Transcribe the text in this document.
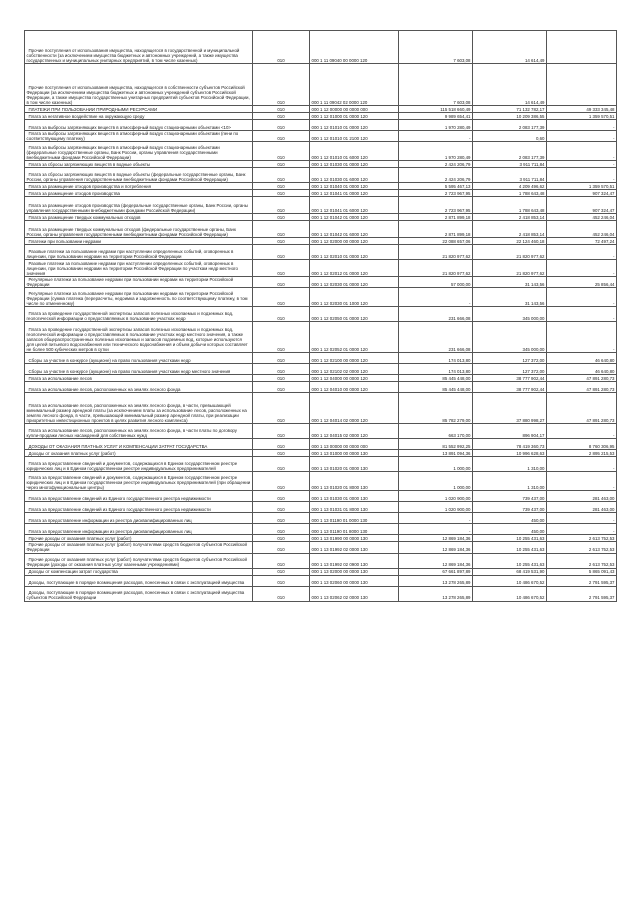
Прочие поступления от использования имущества, находящегося в государственной и муниципальной собственности (за исключением имущества бюджетных и автономных учреждений, а также имущества государственных и муниципальных унитарных предприятий, в том числе казенных)	010	000 1 11 09040 00 0000 120	7 603,08	14 614,49	
Прочие поступления от использования имущества, находящегося в собственности субъектов Российской Федерации (за исключением имущества бюджетных и автономных учреждений субъектов Российской Федерации, а также имущества государственных унитарных предприятий субъектов Российской Федерации, в том числе казенных)	010	000 1 11 09042 02 0000 120	7 603,08	14 614,49	
ПЛАТЕЖИ ПРИ ПОЛЬЗОВАНИИ ПРИРОДНЫМИ РЕСУРСАМИ	010	000 1 12 00000 00 0000 000	115 518 660,49	71 132 782,17	49 333 345,48
Плата за негативное воздействие на окружающую среду	010	000 1 12 01000 01 0000 120	9 989 654,41	10 209 386,55	1 359 570,51
Плата за выбросы загрязняющих веществ в атмосферный воздух стационарными объектами <10>	010	000 1 12 01010 01 0000 120	1 970 280,49	2 083 177,39	-
Плата за выбросы загрязняющих веществ в атмосферный воздух стационарными объектами (пени по соответствующему платежу)	010	000 1 12 01010 01 2100 120	-	0,60	-
Плата за выбросы загрязняющих веществ в атмосферный воздух стационарными объектами (федеральные государственные органы, Банк России, органы управления государственными внебюджетными фондами Российской Федерации)	010	000 1 12 01010 01 6000 120	1 970 280,49	2 083 177,39	-
Плата за сбросы загрязняющих веществ в водные объекты	010	000 1 12 01030 01 0000 120	2 424 206,79	3 911 711,84	-
Плата за сбросы загрязняющих веществ в водные объекты (федеральные государственные органы, Банк России, органы управления государственными внебюджетными фондами Российской Федерации)	010	000 1 12 01030 01 6000 120	2 424 206,79	3 911 711,84	-
Плата за размещение отходов производства и потребления	010	000 1 12 01040 01 0000 120	5 595 467,13	4 209 496,62	1 359 570,51
Плата за размещение отходов производства	010	000 1 12 01041 01 0000 120	2 723 967,95	1 788 643,48	907 324,47
Плата за размещение отходов производства (федеральные государственные органы, Банк России, органы управления государственными внебюджетными фондами Российской Федерации)	010	000 1 12 01041 01 6000 120	2 723 967,95	1 788 643,48	907 324,47
Плата за размещение твердых коммунальных отходов	010	000 1 12 01042 01 0000 120	2 871 899,18	2 418 853,14	452 246,04
Плата за размещение твердых коммунальных отходов (федеральные государственные органы, Банк России, органы управления государственными внебюджетными фондами Российской Федерации)	010	000 1 12 01042 01 6000 120	2 871 899,18	2 418 853,14	452 246,04
Платежи при пользовании недрами	010	000 1 12 02000 00 0000 120	22 088 657,06	22 124 460,18	72 497,24
Разовые платежи за пользование недрами при наступлении определенных событий, оговоренных в лицензии, при пользовании недрами на территории Российской Федерации	010	000 1 12 02010 01 0000 120	21 820 977,62	21 820 977,62	-
Разовые платежи за пользование недрами при наступлении определенных событий, оговоренных в лицензии, при пользовании недрами на территории Российской Федерации по участкам недр местного значения	010	000 1 12 02012 01 0000 120	21 820 977,62	21 820 977,62	-
Регулярные платежи за пользование недрами при пользовании недрами на территории Российской Федерации	010	000 1 12 02030 01 0000 120	57 000,00	31 143,56	25 856,44
Регулярные платежи за пользование недрами при пользовании недрами на территории Российской Федерации (сумма платежа (перерасчеты, недоимка и задолженность по соответствующему платежу, в том числе по отмененному)	010	000 1 12 02030 01 1000 120	-	31 143,56	-
Плата за проведение государственной экспертизы запасов полезных ископаемых и подземных вод, геологической информации о предоставляемых в пользование участках недр	010	000 1 12 02050 01 0000 120	231 666,08	345 000,00	-
Плата за проведение государственной экспертизы запасов полезных ископаемых и подземных вод, геологической информации о предоставляемых в пользование участках недр местного значения, а также запасов общераспространенных полезных ископаемых и запасов подземных вод, которые используются для целей питьевого водоснабжения или технического водоснабжения и объем добычи которых составляет не более 500 кубических метров в сутки	010	000 1 12 02052 01 0000 120	231 666,08	345 000,00	-
Сборы за участие в конкурсе (аукционе) на право пользования участками недр	010	000 1 12 02100 00 0000 120	174 013,80	127 372,00	46 640,80
Сборы за участие в конкурсе (аукционе) на право пользования участками недр местного значения	010	000 1 12 02102 02 0000 120	174 013,80	127 372,00	46 640,80
Плата за использование лесов	010	000 1 12 04000 00 0000 120	85 445 448,00	38 777 902,44	47 891 280,73
Плата за использование лесов, расположенных на землях лесного фонда	010	000 1 12 04010 00 0000 120	85 445 448,00	38 777 902,44	47 891 280,73
Плата за использование лесов, расположенных на землях лесного фонда, в части, превышающей минимальный размер арендной платы (за исключением платы за использование лесов, расположенных на землях лесного фонда, в части, превышающей минимальный размер арендной платы, при реализации приоритетных инвестиционных проектов в целях развития лесного комплекса)	010	000 1 12 04014 02 0000 120	85 782 279,00	37 880 998,27	47 891 280,73
Плата за использование лесов, расположенных на землях лесного фонда, в части платы по договору купли-продажи лесных насаждений для собственных нужд	010	000 1 12 04015 02 0000 120	663 170,00	896 904,17	-
ДОХОДЫ ОТ ОКАЗАНИЯ ПЛАТНЫХ УСЛУГ И КОМПЕНСАЦИИ ЗАТРАТ ГОСУДАРСТВА	010	000 1 13 00000 00 0000 000	81 552 992,25	78 419 360,73	8 760 306,95
Доходы от оказания платных услуг (работ)	010	000 1 13 01000 00 0000 130	13 891 094,36	10 996 628,63	2 895 215,53
Плата за предоставление сведений и документов, содержащихся в Едином государственном реестре юридических лиц и в Едином государственном реестре индивидуальных предпринимателей	010	000 1 13 01020 01 0000 130	1 000,00	1 310,00	-
Плата за предоставление сведений и документов, содержащихся в Едином государственном реестре юридических лиц и в Едином государственном реестре индивидуальных предпринимателей (при обращении через многофункциональные центры)	010	000 1 13 01020 01 8000 130	1 000,00	1 310,00	-
Плата за предоставление сведений из Единого государственного реестра недвижимости	010	000 1 13 01030 01 0000 130	1 020 900,00	739 437,00	281 463,00
Плата за предоставление сведений из Единого государственного реестра недвижимости	010	000 1 13 01031 01 8000 130	1 020 900,00	739 437,00	281 463,00
Плата за предоставление информации из реестра дисквалифицированных лиц	010	000 1 13 01190 01 0000 130	-	450,00	-
Плата за предоставление информации из реестра дисквалифицированных лиц	010	000 1 13 01190 01 8000 130	-	450,00	-
Прочие доходы от оказания платных услуг (работ)	010	000 1 13 01990 00 0000 130	12 869 184,36	10 255 431,63	2 613 752,53
Прочие доходы от оказания платных услуг (работ) получателями средств бюджетов субъектов Российской Федерации	010	000 1 13 01992 02 0000 130	12 869 184,36	10 255 431,63	2 613 752,53
Прочие доходы от оказания платных услуг (работ) получателями средств бюджетов субъектов Российской Федерации (доходы от оказания платных услуг казенными учреждениями)	010	000 1 13 01992 02 0900 130	12 869 184,36	10 255 431,63	2 613 752,53
Доходы от компенсации затрат государства	010	000 1 13 02000 00 0000 130	67 661 897,89	68 419 531,90	5 865 091,43
Доходы, поступающие в порядке возмещения расходов, понесенных в связи с эксплуатацией имущества	010	000 1 13 02060 00 0000 130	13 278 265,89	10 486 670,52	2 791 595,37
Доходы, поступающие в порядке возмещения расходов, понесенных в связи с эксплуатацией имущества субъектов Российской Федерации	010	000 1 13 02062 02 0000 130	13 278 265,89	10 486 670,52	2 791 595,37
